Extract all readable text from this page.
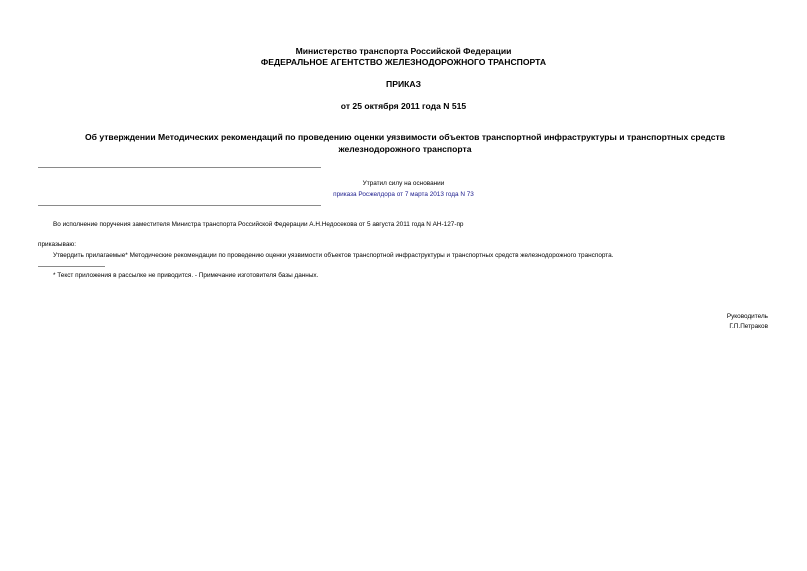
Министерство транспорта Российской Федерации
ФЕДЕРАЛЬНОЕ АГЕНТСТВО ЖЕЛЕЗНОДОРОЖНОГО ТРАНСПОРТА
ПРИКАЗ
от 25 октября 2011 года N 515
Об утверждении Методических рекомендаций по проведению оценки уязвимости объектов транспортной инфраструктуры и транспортных средств
железнодорожного транспорта
Утратил силу на основании
приказа Росжелдора от 7 марта 2013 года N 73
Во исполнение поручения заместителя Министра транспорта Российской Федерации А.Н.Недосекова от 5 августа 2011 года N АН-127-пр
приказываю:
Утвердить прилагаемые* Методические рекомендации по проведению оценки уязвимости объектов транспортной инфраструктуры и транспортных средств железнодорожного транспорта.
* Текст приложения в рассылке не приводится. - Примечание изготовителя базы данных.
Руководитель
Г.П.Петраков
